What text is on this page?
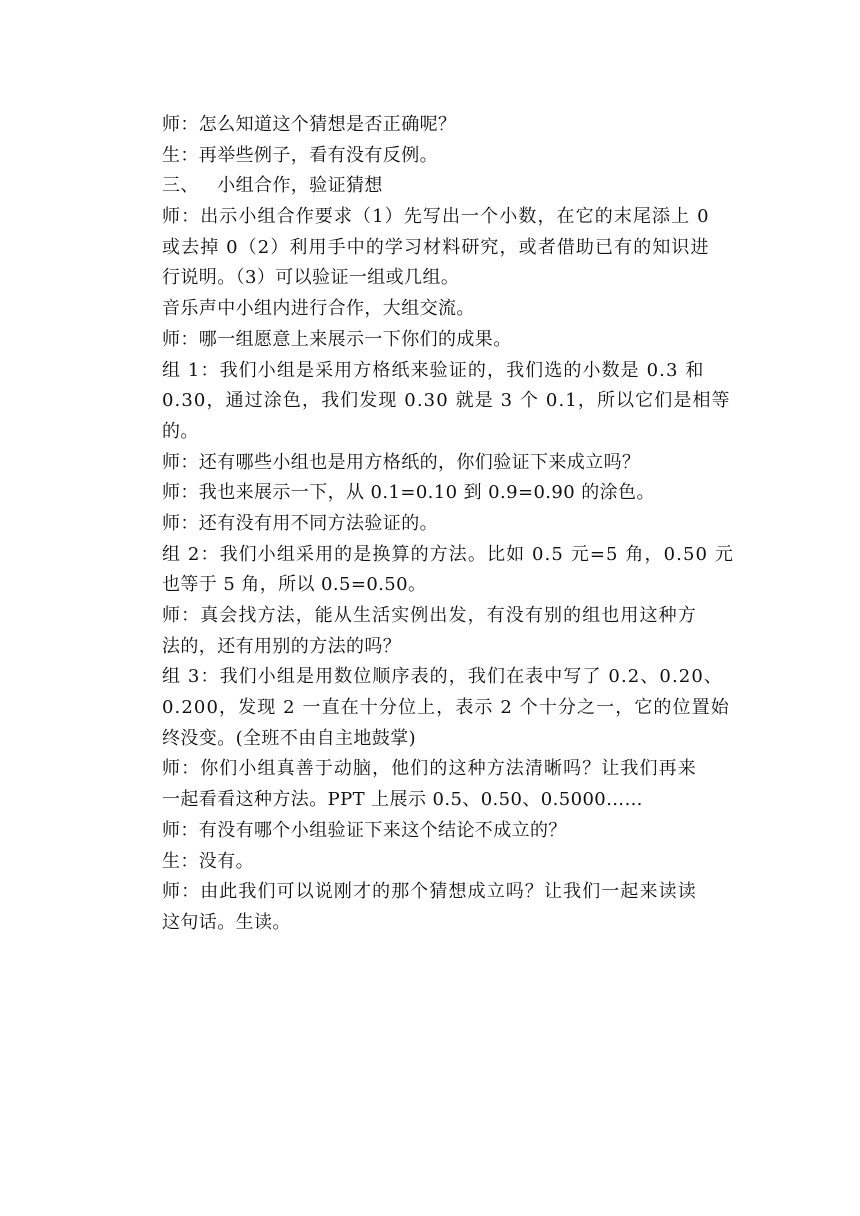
师：怎么知道这个猜想是否正确呢？
生：再举些例子，看有没有反例。
三、   小组合作，验证猜想
师：出示小组合作要求（1）先写出一个小数，在它的末尾添上 0
或去掉 0（2）利用手中的学习材料研究，或者借助已有的知识进
行说明。（3）可以验证一组或几组。
音乐声中小组内进行合作，大组交流。
师：哪一组愿意上来展示一下你们的成果。
组 1：我们小组是采用方格纸来验证的，我们选的小数是 0.3 和
0.30，通过涂色，我们发现 0.30 就是 3 个 0.1，所以它们是相等
的。
师：还有哪些小组也是用方格纸的，你们验证下来成立吗？
师：我也来展示一下，从 0.1=0.10 到 0.9=0.90 的涂色。
师：还有没有用不同方法验证的。
组 2：我们小组采用的是换算的方法。比如 0.5 元=5 角，0.50 元
也等于 5 角，所以 0.5=0.50。
师：真会找方法，能从生活实例出发，有没有别的组也用这种方
法的，还有用别的方法的吗？
组 3：我们小组是用数位顺序表的，我们在表中写了 0.2、0.20、
0.200，发现 2 一直在十分位上，表示 2 个十分之一，它的位置始
终没变。(全班不由自主地鼓掌)
师：你们小组真善于动脑，他们的这种方法清晰吗？让我们再来
一起看看这种方法。PPT 上展示 0.5、0.50、0.5000……
师：有没有哪个小组验证下来这个结论不成立的？
生：没有。
师：由此我们可以说刚才的那个猜想成立吗？让我们一起来读读
这句话。生读。
